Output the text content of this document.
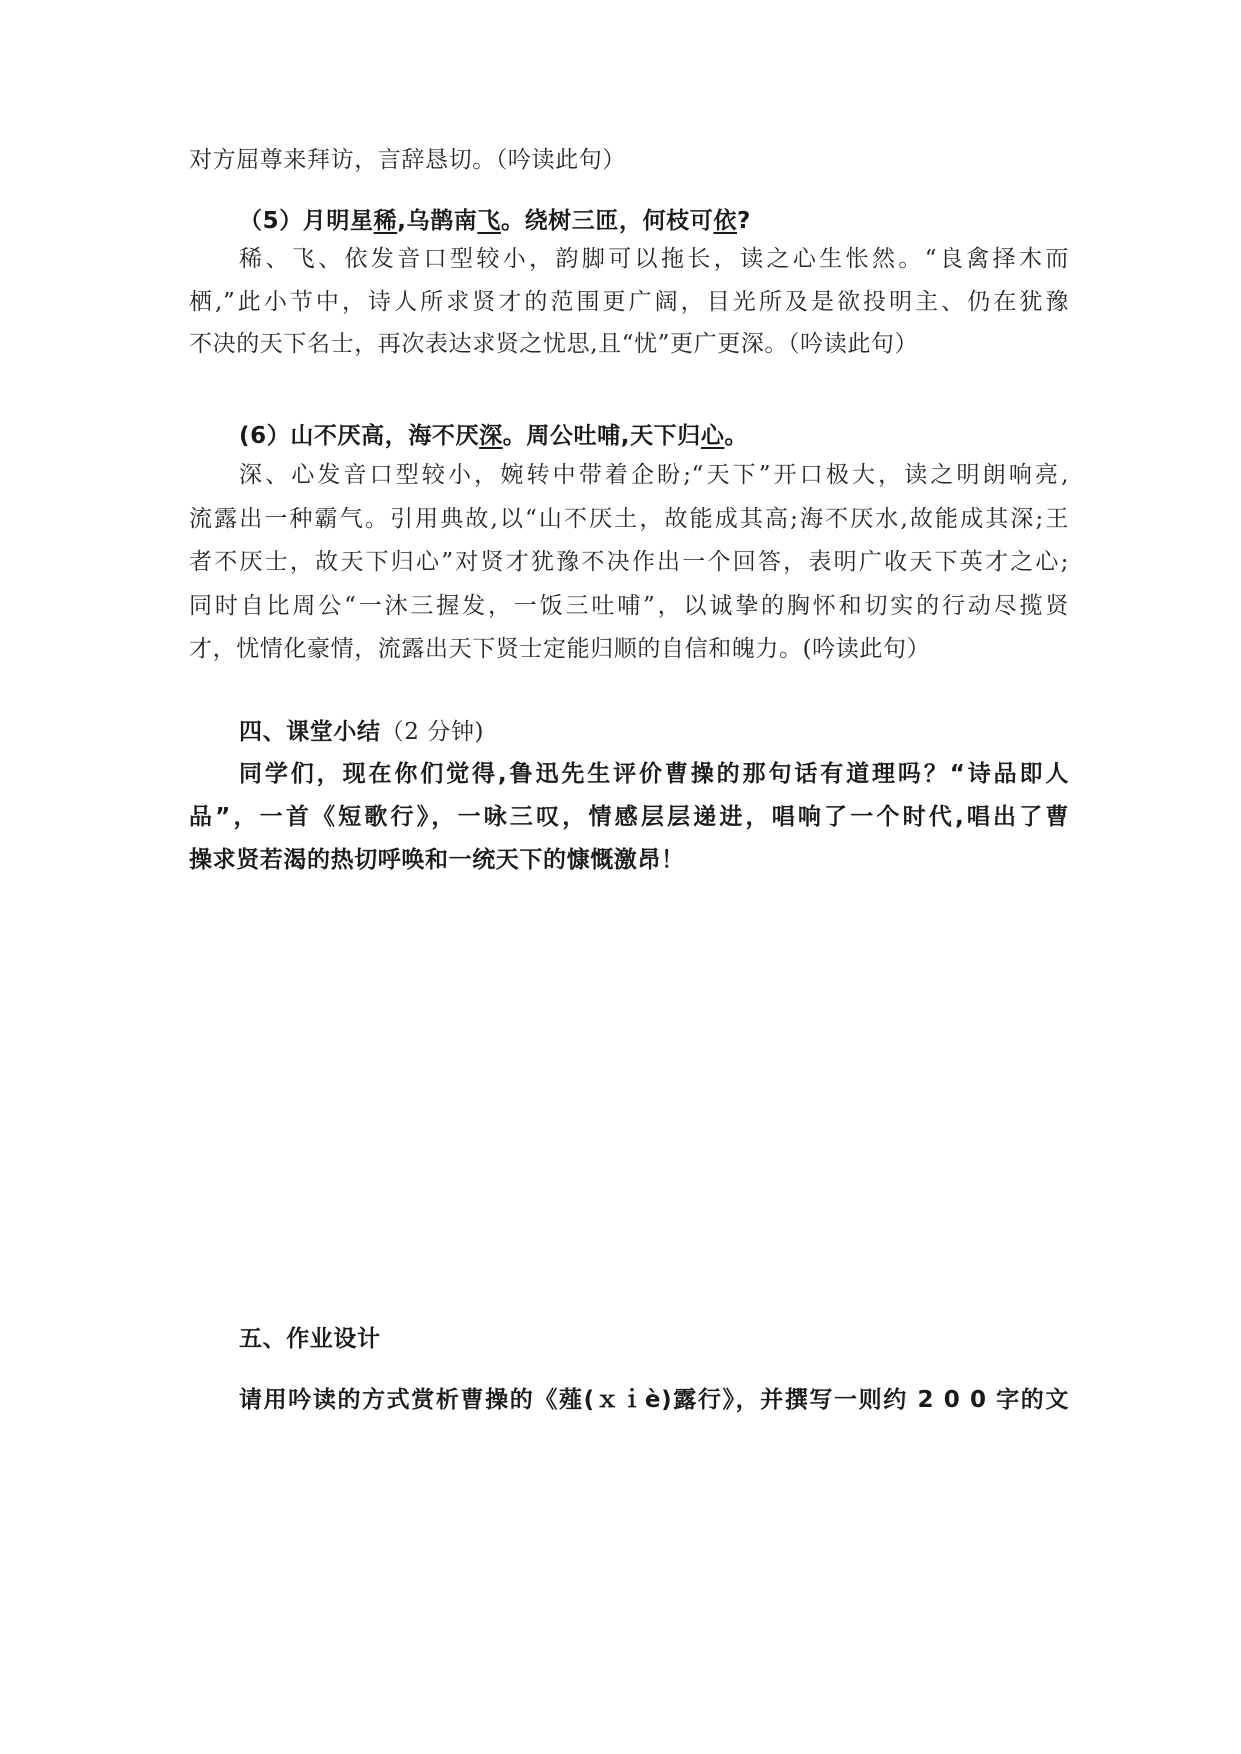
对方屈尊来拜访，言辞恳切。（吟读此句）
（5）月明星稀,乌鹊南飞。绕树三匝，何枝可依?
稀、飞、依发音口型较小，韵脚可以拖长，读之心生怅然。“良禽择木而
栖,”此小节中，诗人所求贤才的范围更广阔，目光所及是欲投明主、仍在犹豫
不决的天下名士，再次表达求贤之忧思,且“忧”更广更深。（吟读此句）
(6）山不厌高，海不厌深。周公吐哺,天下归心。
深、心发音口型较小，婉转中带着企盼;“天下”开口极大，读之明朗响亮,
流露出一种霸气。引用典故,以“山不厌土，故能成其高;海不厌水,故能成其深;王
者不厌士，故天下归心”对贤才犹豫不决作出一个回答，表明广收天下英才之心;
同时自比周公“一沐三握发，一饭三吐哺”，以诚挚的胸怀和切实的行动尽揽贤
才，忧情化豪情，流露出天下贤士定能归顺的自信和魄力。(吟读此句）
四、课堂小结（2 分钟)
同学们，现在你们觉得,鲁迅先生评价曹操的那句话有道理吗？“诗品即人
品”，一首《短歌行》，一咏三叹，情感层层递进，唱响了一个时代,唱出了曹
操求贤若渴的热切呼唤和一统天下的慷慨激昂！
五、作业设计
请用吟读的方式赏析曹操的《薤(ｘｉè)露行》，并撰写一则约 2 0 0 字的文
